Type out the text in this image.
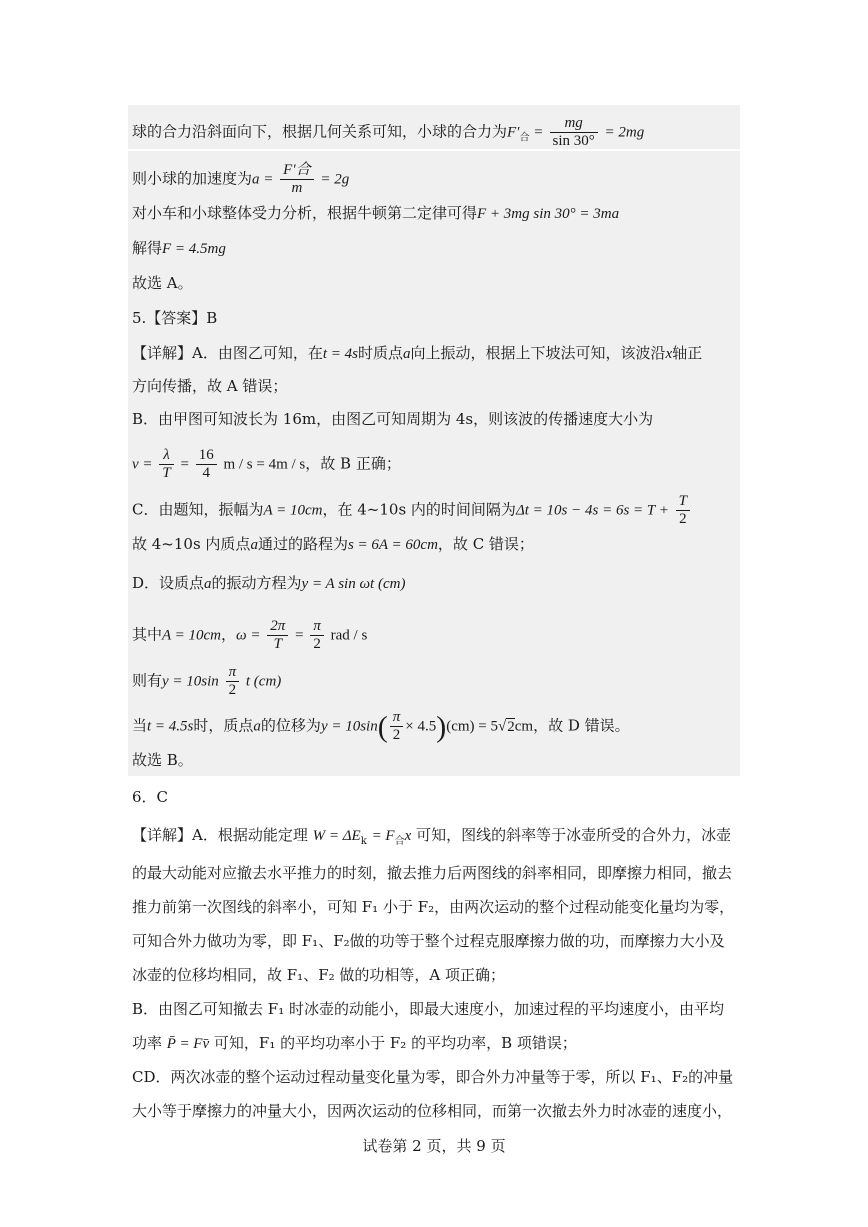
球的合力沿斜面向下，根据几何关系可知，小球的合力为$F'_合 = \frac{mg}{\sin 30^\circ} = 2mg$
则小球的加速度为$a = \frac{\text{F′合}}{m} = 2g$
对小车和小球整体受力分析，根据牛顿第二定律可得F + 3mg sin 30° = 3ma
解得F = 4.5mg
故选 A。
5.【答案】B
【详解】A．由图乙可知，在t = 4s时质点a向上振动，根据上下坡法可知，该波沿x轴正
方向传播，故 A 错误；
B．由甲图可知波长为 16m，由图乙可知周期为 4s，则该波的传播速度大小为
$v = \frac{\lambda}{T} = \frac{16}{4}$ m / s = 4m / s，故 B 正确；
C．由题知，振幅为A = 10cm，在 4~10s 内的时间间隔为$\Delta t = 10s - 4s = 6s = T + \frac{T}{2}$
故 4~10s 内质点a通过的路程为s = 6A = 60cm，故 C 错误；
D．设质点a的振动方程为y = A sin ωt (cm)
其中A = 10cm，$\omega = \frac{2\pi}{T} = \frac{\pi}{2}$ rad / s
则有$y = 10\sin \frac{\pi}{2}$ t (cm)
当t = 4.5s时，质点a的位移为$y = 10\sin( \frac{\pi}{2} \times 4.5)(cm) = 5√2cm$，故 D 错误。
故选 B。
6．C
【详解】A．根据动能定理 $W = \Delta E_k = F_合x$ 可知，图线的斜率等于冰壶所受的合外力，冰壶
的最大动能对应撤去水平推力的时刻，撤去推力后两图线的斜率相同，即摩擦力相同，撤去
推力前第一次图线的斜率小，可知 F₁ 小于 F₂，由两次运动的整个过程动能变化量均为零，
可知合外力做功为零，即 F₁、F₂做的功等于整个过程克服摩擦力做的功，而摩擦力大小及
冰壶的位移均相同，故 F₁、F₂ 做的功相等，A 项正确；
B．由图乙可知撤去 F₁ 时冰壶的动能小，即最大速度小，加速过程的平均速度小，由平均
功率 P̄ = Fv̄ 可知，F₁ 的平均功率小于 F₂ 的平均功率，B 项错误；
CD．两次冰壶的整个运动过程动量变化量为零，即合外力冲量等于零，所以 F₁、F₂的冲量
大小等于摩擦力的冲量大小，因两次运动的位移相同，而第一次撤去外力时冰壶的速度小，
试卷第 2 页，共 9 页
